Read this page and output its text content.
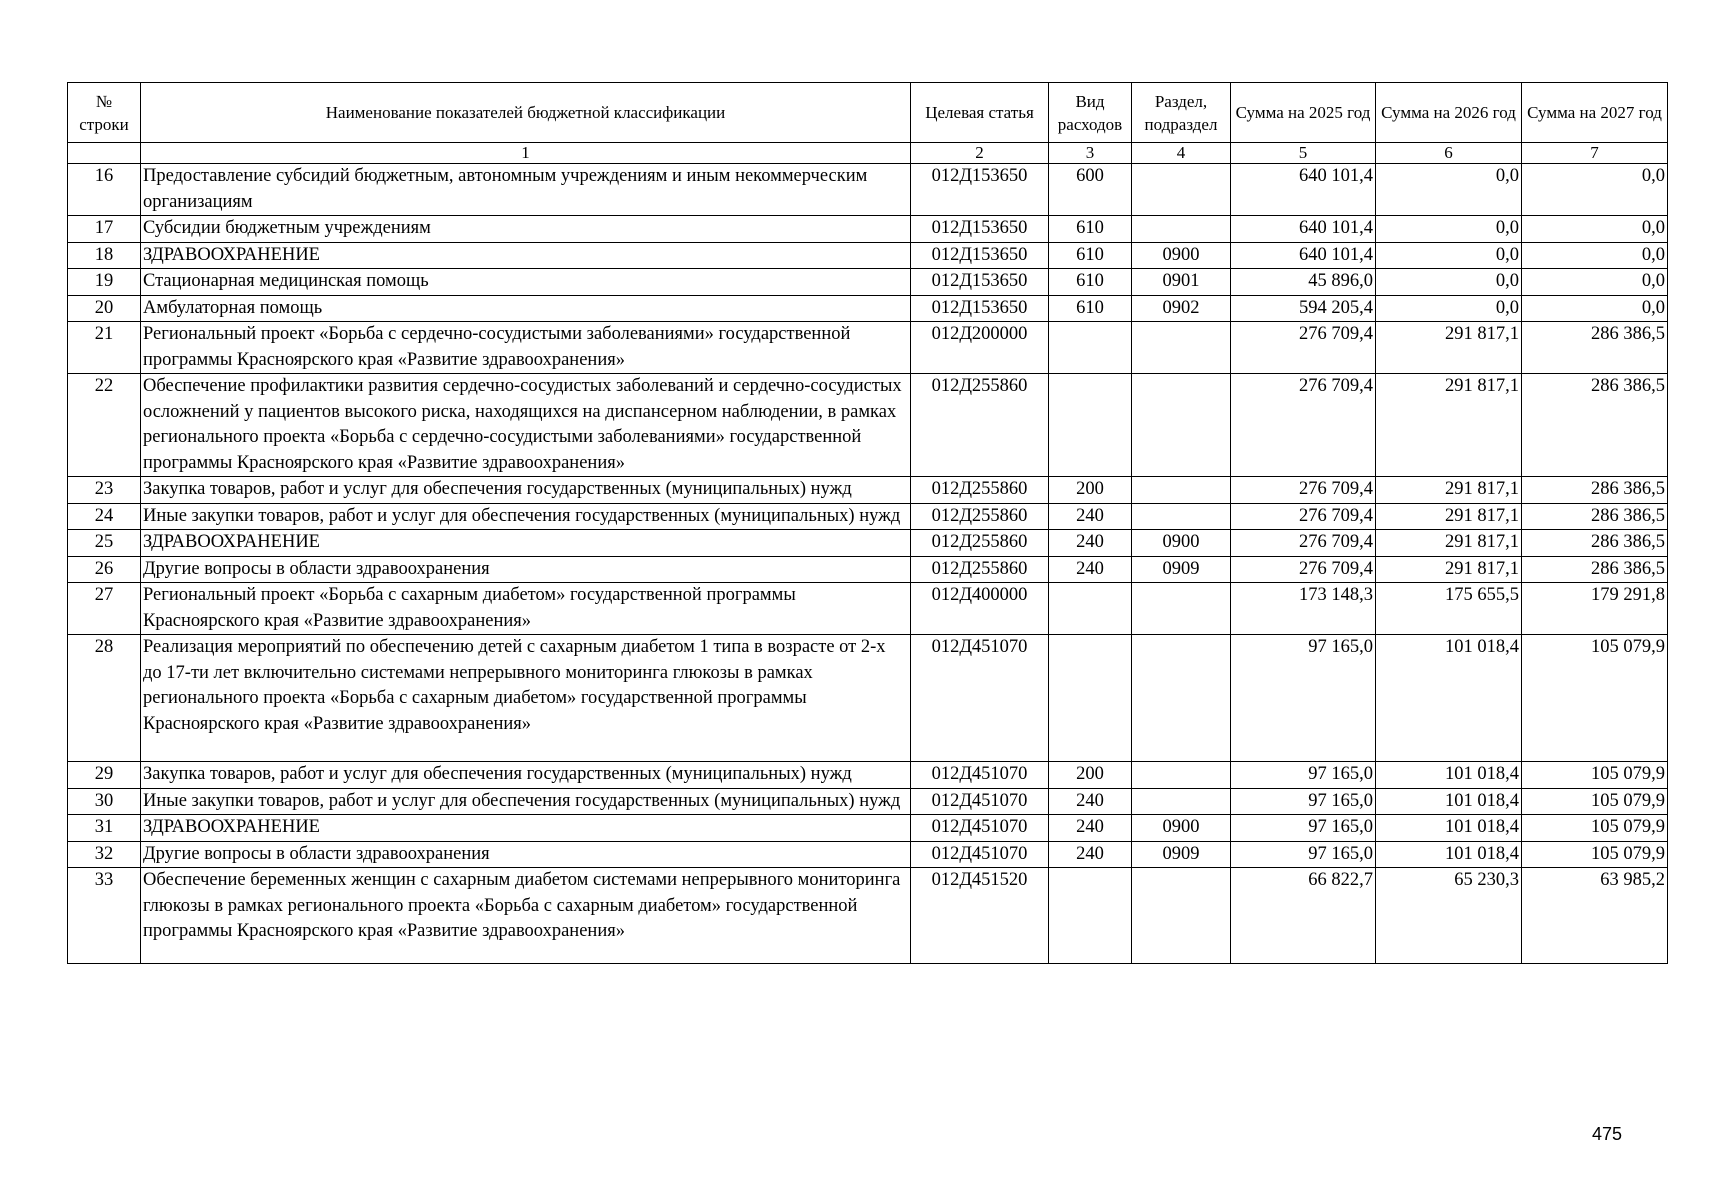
№ строки	Наименование показателей бюджетной классификации	Целевая статья	Вид расходов	Раздел, подраздел	Сумма на 2025 год	Сумма на 2026 год	Сумма на 2027 год
	1	2	3	4	5	6	7
16	Предоставление субсидий бюджетным, автономным учреждениям и иным некоммерческим организациям	012Д153650	600		640 101,4	0,0	0,0
17	Субсидии бюджетным учреждениям	012Д153650	610		640 101,4	0,0	0,0
18	ЗДРАВООХРАНЕНИЕ	012Д153650	610	0900	640 101,4	0,0	0,0
19	Стационарная медицинская помощь	012Д153650	610	0901	45 896,0	0,0	0,0
20	Амбулаторная помощь	012Д153650	610	0902	594 205,4	0,0	0,0
21	Региональный проект «Борьба с сердечно-сосудистыми заболеваниями» государственной программы Красноярского края «Развитие здравоохранения»	012Д200000			276 709,4	291 817,1	286 386,5
22	Обеспечение профилактики развития сердечно-сосудистых заболеваний и сердечно-сосудистых осложнений у пациентов высокого риска, находящихся на диспансерном наблюдении, в рамках регионального проекта «Борьба с сердечно-сосудистыми заболеваниями» государственной программы Красноярского края «Развитие здравоохранения»	012Д255860			276 709,4	291 817,1	286 386,5
23	Закупка товаров, работ и услуг для обеспечения государственных (муниципальных) нужд	012Д255860	200		276 709,4	291 817,1	286 386,5
24	Иные закупки товаров, работ и услуг для обеспечения государственных (муниципальных) нужд	012Д255860	240		276 709,4	291 817,1	286 386,5
25	ЗДРАВООХРАНЕНИЕ	012Д255860	240	0900	276 709,4	291 817,1	286 386,5
26	Другие вопросы в области здравоохранения	012Д255860	240	0909	276 709,4	291 817,1	286 386,5
27	Региональный проект «Борьба с сахарным диабетом» государственной программы Красноярского края «Развитие здравоохранения»	012Д400000			173 148,3	175 655,5	179 291,8
28	Реализация мероприятий по обеспечению детей с сахарным диабетом 1 типа в возрасте от 2-х до 17-ти лет включительно системами непрерывного мониторинга глюкозы в рамках регионального проекта «Борьба с сахарным диабетом» государственной программы Красноярского края «Развитие здравоохранения»	012Д451070			97 165,0	101 018,4	105 079,9
29	Закупка товаров, работ и услуг для обеспечения государственных (муниципальных) нужд	012Д451070	200		97 165,0	101 018,4	105 079,9
30	Иные закупки товаров, работ и услуг для обеспечения государственных (муниципальных) нужд	012Д451070	240		97 165,0	101 018,4	105 079,9
31	ЗДРАВООХРАНЕНИЕ	012Д451070	240	0900	97 165,0	101 018,4	105 079,9
32	Другие вопросы в области здравоохранения	012Д451070	240	0909	97 165,0	101 018,4	105 079,9
33	Обеспечение беременных женщин с сахарным диабетом системами непрерывного мониторинга глюкозы в рамках регионального проекта «Борьба с сахарным диабетом» государственной программы Красноярского края «Развитие здравоохранения»	012Д451520			66 822,7	65 230,3	63 985,2
475
